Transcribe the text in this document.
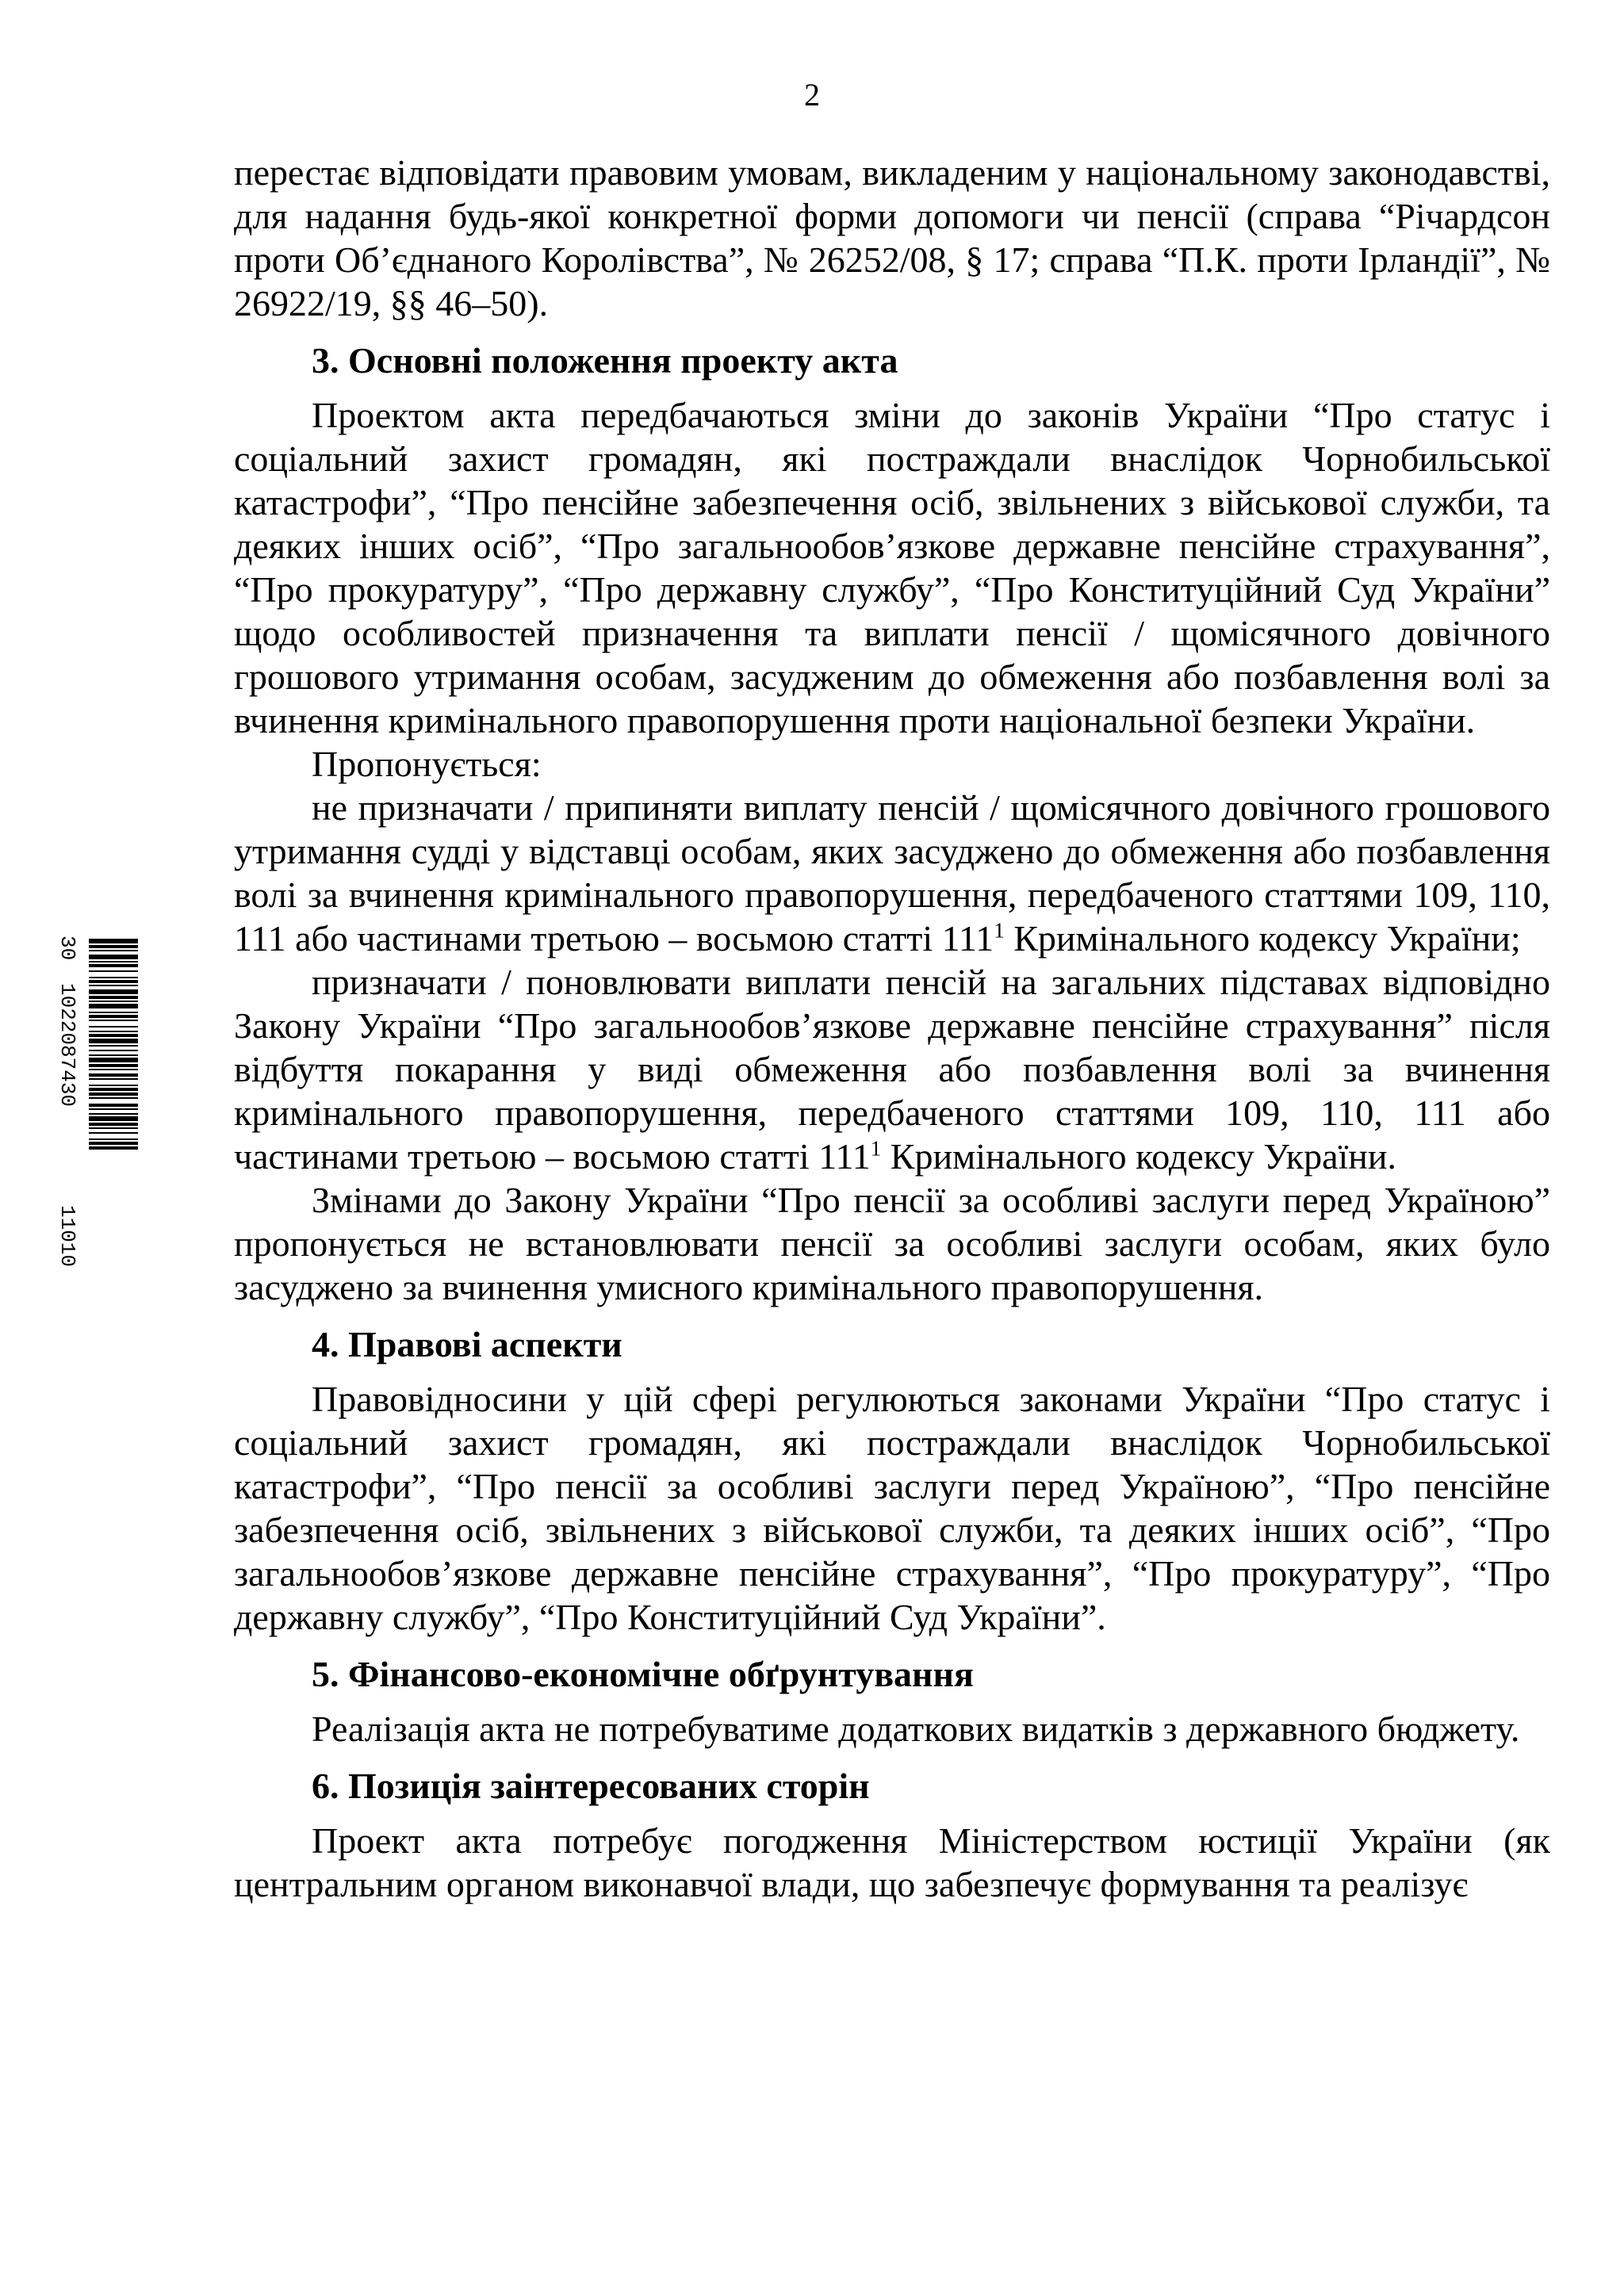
2
30
1022087430
11010

перестає відповідати правовим умовам, викладеним у національному законодавстві, для надання будь-якої конкретної форми допомоги чи пенсії (справа “Річардсон проти Об’єднаного Королівства”, № 26252/08, § 17; справа “П.К. проти Ірландії”, № 26922/19, §§ 46–50).

3. Основні положення проекту акта

Проектом акта передбачаються зміни до законів України “Про статус і соціальний захист громадян, які постраждали внаслідок Чорнобильської катастрофи”, “Про пенсійне забезпечення осіб, звільнених з військової служби, та деяких інших осіб”, “Про загальнообов’язкове державне пенсійне страхування”, “Про прокуратуру”, “Про державну службу”, “Про Конституційний Суд України” щодо особливостей призначення та виплати пенсії / щомісячного довічного грошового утримання особам, засудженим до обмеження або позбавлення волі за вчинення кримінального правопорушення проти національної безпеки України.

Пропонується:

не призначати / припиняти виплату пенсій / щомісячного довічного грошового утримання судді у відставці особам, яких засуджено до обмеження або позбавлення волі за вчинення кримінального правопорушення, передбаченого статтями 109, 110, 111 або частинами третьою – восьмою статті $111^1$ Кримінального кодексу України;

призначати / поновлювати виплати пенсій на загальних підставах відповідно Закону України “Про загальнообов’язкове державне пенсійне страхування” після відбуття покарання у виді обмеження або позбавлення волі за вчинення кримінального правопорушення, передбаченого статтями 109, 110, 111 або частинами третьою – восьмою статті $111^1$ Кримінального кодексу України.

Змінами до Закону України “Про пенсії за особливі заслуги перед Україною” пропонується не встановлювати пенсії за особливі заслуги особам, яких було засуджено за вчинення умисного кримінального правопорушення.

4. Правові аспекти

Правовідносини у цій сфері регулюються законами України “Про статус і соціальний захист громадян, які постраждали внаслідок Чорнобильської катастрофи”, “Про пенсії за особливі заслуги перед Україною”, “Про пенсійне забезпечення осіб, звільнених з військової служби, та деяких інших осіб”, “Про загальнообов’язкове державне пенсійне страхування”, “Про прокуратуру”, “Про державну службу”, “Про Конституційний Суд України”.

5. Фінансово-економічне обґрунтування

Реалізація акта не потребуватиме додаткових видатків з державного бюджету.

6. Позиція заінтересованих сторін

Проект акта потребує погодження Міністерством юстиції України (як центральним органом виконавчої влади, що забезпечує формування та реалізує
